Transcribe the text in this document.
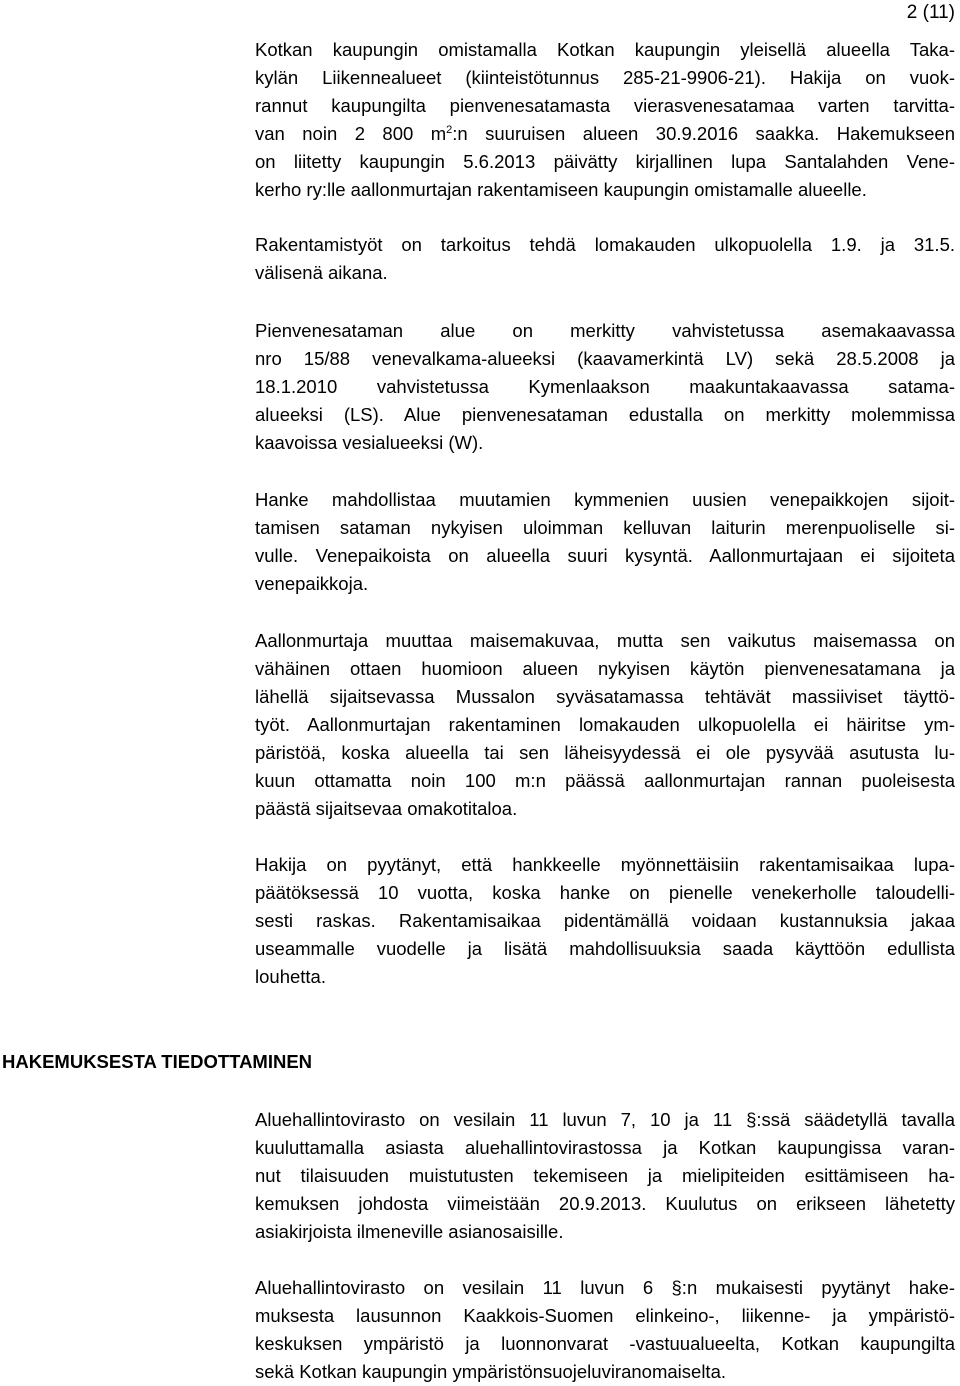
2 (11)
Kotkan kaupungin omistamalla Kotkan kaupungin yleisellä alueella Taka-
kylän Liikennealueet (kiinteistötunnus 285-21-9906-21). Hakija on vuok-
rannut kaupungilta pienvenesatamasta vierasvenesatamaa varten tarvitta-
van noin 2 800 $m^2:n$ suuruisen alueen 30.9.2016 saakka. Hakemukseen
on liitetty kaupungin 5.6.2013 päivätty kirjallinen lupa Santalahden Vene-
kerho ry:lle aallonmurtajan rakentamiseen kaupungin omistamalle alueelle.
Rakentamistyöt on tarkoitus tehdä lomakauden ulkopuolella 1.9. ja 31.5.
välisenä aikana.
Pienvenesataman alue on merkitty vahvistetussa asemakaavassa
nro 15/88 venevalkama-alueeksi (kaavamerkintä LV) sekä 28.5.2008 ja
18.1.2010 vahvistetussa Kymenlaakson maakuntakaavassa satama-
alueeksi (LS). Alue pienvenesataman edustalla on merkitty molemmissa
kaavoissa vesialueeksi (W).
Hanke mahdollistaa muutamien kymmenien uusien venepaikkojen sijoit-
tamisen sataman nykyisen uloimman kelluvan laiturin merenpuoliselle si-
vulle. Venepaikoista on alueella suuri kysyntä. Aallonmurtajaan ei sijoiteta
venepaikkoja.
Aallonmurtaja muuttaa maisemakuvaa, mutta sen vaikutus maisemassa on
vähäinen ottaen huomioon alueen nykyisen käytön pienvenesatamana ja
lähellä sijaitsevassa Mussalon syväsatamassa tehtävät massiiviset täyttö-
työt. Aallonmurtajan rakentaminen lomakauden ulkopuolella ei häiritse ym-
päristöä, koska alueella tai sen läheisyydessä ei ole pysyvää asutusta lu-
kuun ottamatta noin 100 m:n päässä aallonmurtajan rannan puoleisesta
päästä sijaitsevaa omakotitaloa.
Hakija on pyytänyt, että hankkeelle myönnettäisiin rakentamisaikaa lupa-
päätöksessä 10 vuotta, koska hanke on pienelle venekerholle taloudelli-
sesti raskas. Rakentamisaikaa pidentämällä voidaan kustannuksia jakaa
useammalle vuodelle ja lisätä mahdollisuuksia saada käyttöön edullista
louhetta.
HAKEMUKSESTA TIEDOTTAMINEN
Aluehallintovirasto on vesilain 11 luvun 7, 10 ja 11 §:ssä säädetyllä tavalla
kuuluttamalla asiasta aluehallintovirastossa ja Kotkan kaupungissa varan-
nut tilaisuuden muistutusten tekemiseen ja mielipiteiden esittämiseen ha-
kemuksen johdosta viimeistään 20.9.2013. Kuulutus on erikseen lähetetty
asiakirjoista ilmeneville asianosaisille.
Aluehallintovirasto on vesilain 11 luvun 6 §:n mukaisesti pyytänyt hake-
muksesta lausunnon Kaakkois-Suomen elinkeino-, liikenne- ja ympäristö-
keskuksen ympäristö ja luonnonvarat -vastuualueelta, Kotkan kaupungilta
sekä Kotkan kaupungin ympäristönsuojeluviranomaiselta.
